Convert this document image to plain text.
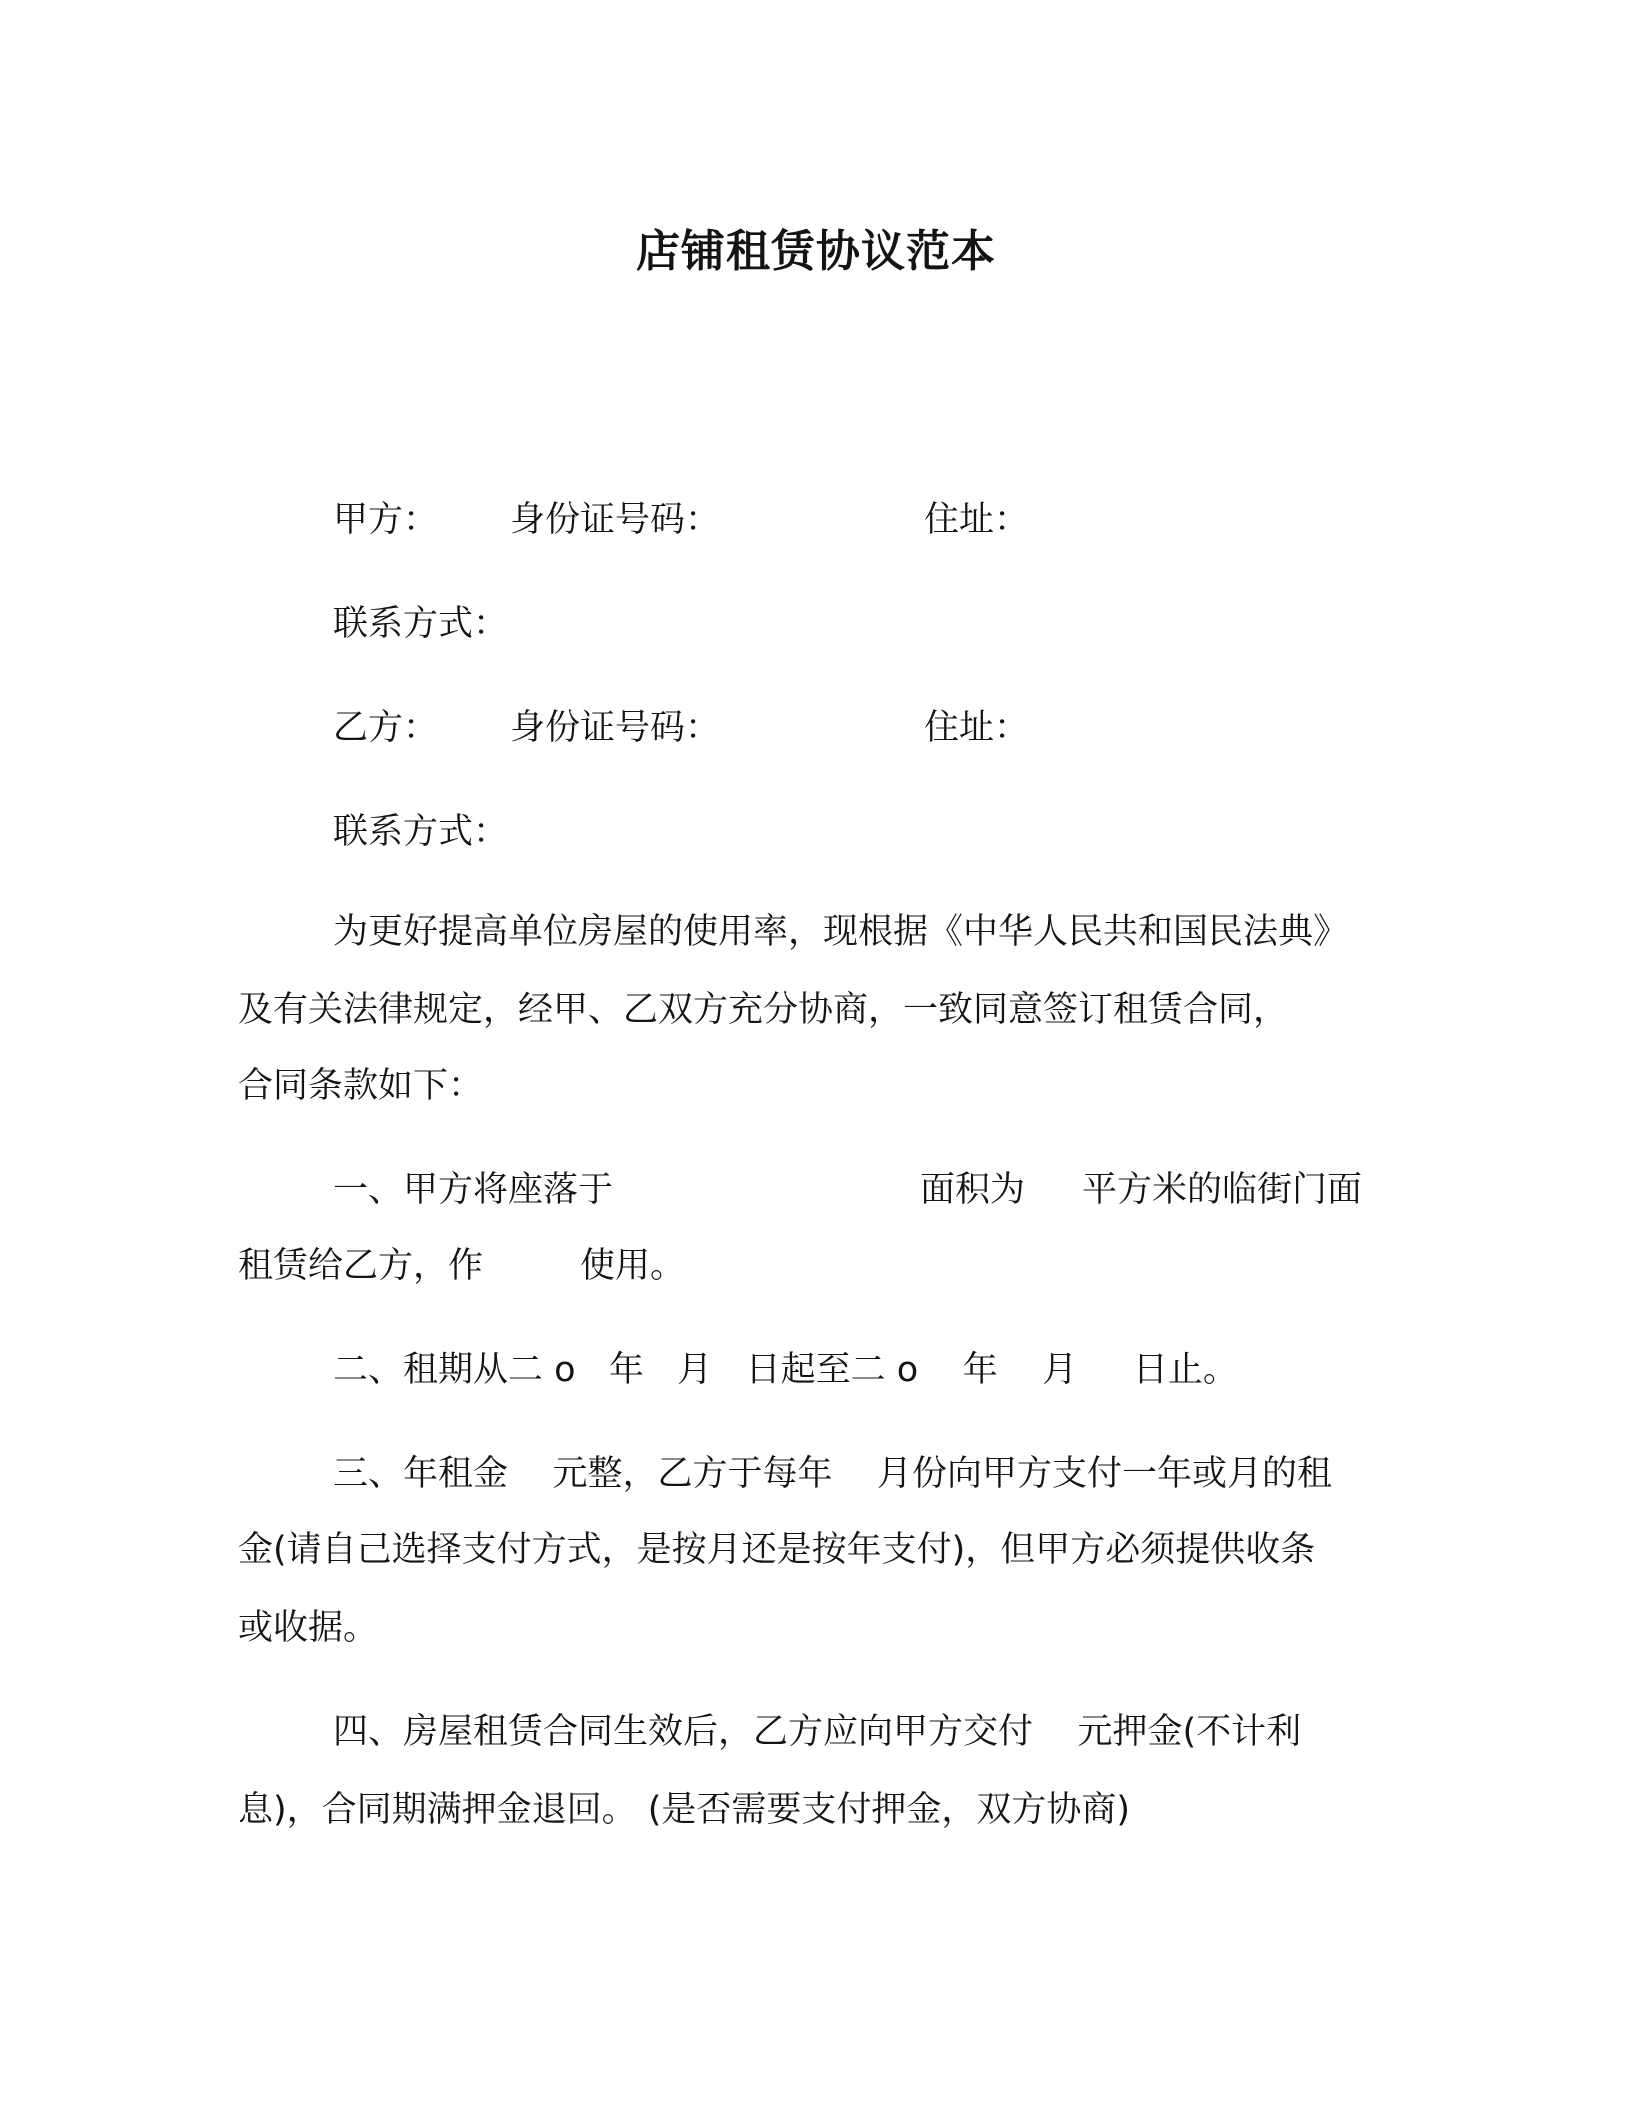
店铺租赁协议范本
甲方： 身份证号码：	住址：
联系方式：
乙方： 身份证号码：	住址：
联系方式：
为更好提高单位房屋的使用率，现根据《中华人民共和国民法典》
及有关法律规定，经甲、乙双方充分协商，一致同意签订租赁合同，
合同条款如下：
一、甲方将座落于	面积为 平方米的临街门面
租赁给乙方，作	使用。
二、租期从二 o   年   月   日起至二 o    年    月     日止。
三、年租金    元整，乙方于每年    月份向甲方支付一年或月的租
金(请自己选择支付方式，是按月还是按年支付)，但甲方必须提供收条
或收据。
四、房屋租赁合同生效后，乙方应向甲方交付    元押金(不计利
息)，合同期满押金退回。 (是否需要支付押金，双方协商)
